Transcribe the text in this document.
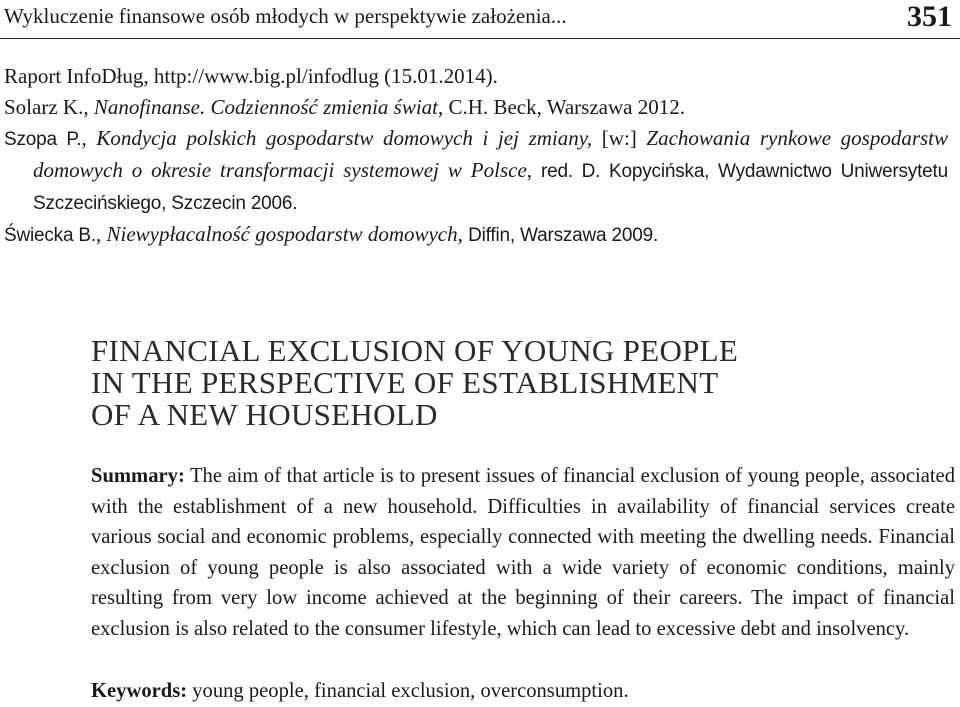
Wykluczenie finansowe osób młodych w perspektywie założenia...	351

Raport InfoDług, http://www.big.pl/infodlug (15.01.2014).

Solarz K., Nanofinanse. Codzienność zmienia świat, C.H. Beck, Warszawa 2012.

Szopa P., Kondycja polskich gospodarstw domowych i jej zmiany, [w:] Zachowania rynkowe gospodarstw domowych o okresie transformacji systemowej w Polsce, red. D. Kopycińska, Wydawnictwo Uniwersytetu Szczecińskiego, Szczecin 2006.

Świecka B., Niewypłacalność gospodarstw domowych, Diffin, Warszawa 2009.

FINANCIAL EXCLUSION OF YOUNG PEOPLE
IN THE PERSPECTIVE OF ESTABLISHMENT
OF A NEW HOUSEHOLD
Summary: The aim of that article is to present issues of financial exclusion of young people, associated with the establishment of a new household. Difficulties in availability of financial services create various social and economic problems, especially connected with meeting the dwelling needs. Financial exclusion of young people is also associated with a wide variety of economic conditions, mainly resulting from very low income achieved at the beginning of their careers. The impact of financial exclusion is also related to the consumer lifestyle, which can lead to excessive debt and insolvency.
Keywords: young people, financial exclusion, overconsumption.
